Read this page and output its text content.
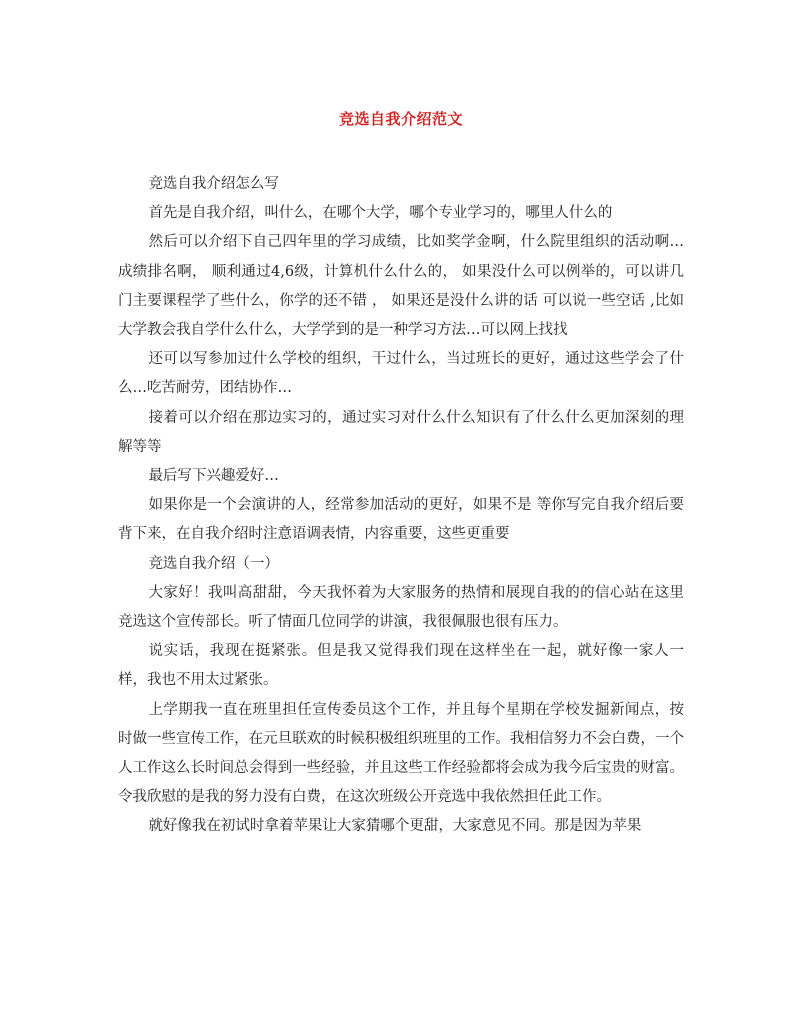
竞选自我介绍范文

竞选自我介绍怎么写

首先是自我介绍，叫什么，在哪个大学，哪个专业学习的，哪里人什么的

然后可以介绍下自己四年里的学习成绩，比如奖学金啊，什么院里组织的活动啊…成绩排名啊， 顺利通过4,6级，计算机什么什么的， 如果没什么可以例举的，可以讲几门主要课程学了些什么，你学的还不错 ， 如果还是没什么讲的话 可以说一些空话 ,比如大学教会我自学什么什么，大学学到的是一种学习方法…可以网上找找

还可以写参加过什么学校的组织，干过什么，当过班长的更好，通过这些学会了什么…吃苦耐劳，团结协作…

接着可以介绍在那边实习的，通过实习对什么什么知识有了什么什么更加深刻的理解等等

最后写下兴趣爱好…

如果你是一个会演讲的人，经常参加活动的更好，如果不是 等你写完自我介绍后要背下来，在自我介绍时注意语调表情，内容重要，这些更重要

竞选自我介绍（一）

大家好！我叫高甜甜，今天我怀着为大家服务的热情和展现自我的的信心站在这里竞选这个宣传部长。听了情面几位同学的讲演，我很佩服也很有压力。

说实话，我现在挺紧张。但是我又觉得我们现在这样坐在一起，就好像一家人一样，我也不用太过紧张。

上学期我一直在班里担任宣传委员这个工作，并且每个星期在学校发掘新闻点，按时做一些宣传工作，在元旦联欢的时候积极组织班里的工作。我相信努力不会白费，一个人工作这么长时间总会得到一些经验，并且这些工作经验都将会成为我今后宝贵的财富。令我欣慰的是我的努力没有白费，在这次班级公开竞选中我依然担任此工作。

就好像我在初试时拿着苹果让大家猜哪个更甜，大家意见不同。那是因为苹果
